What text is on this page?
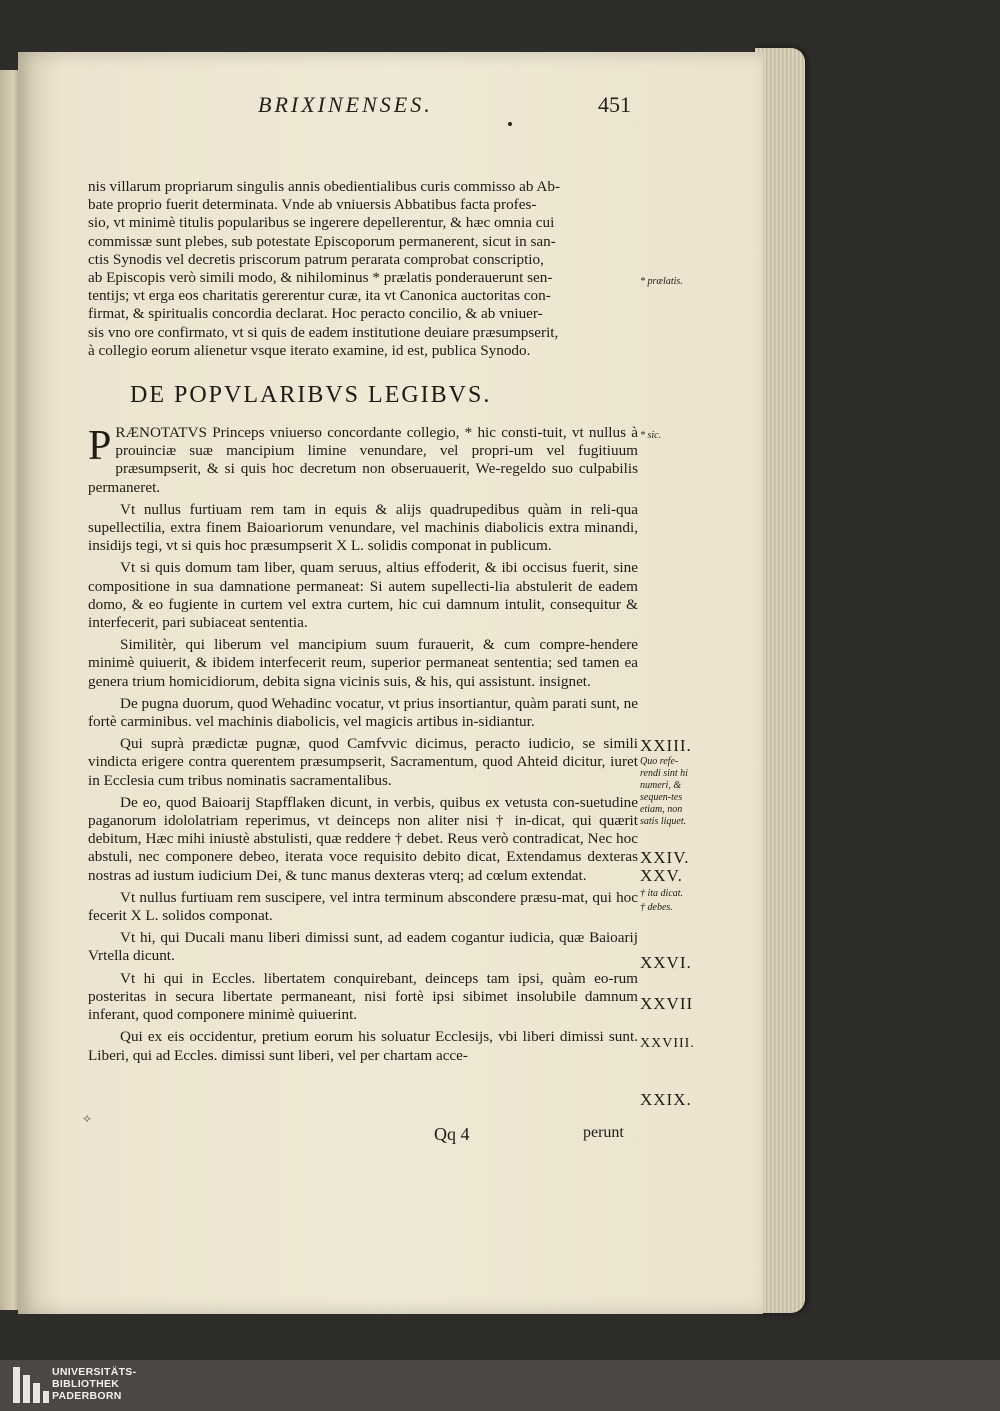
BRIXINENSES.	451

nis villarum propriarum singulis annis obedientialibus curis commisso ab Ab-

bate proprio fuerit determinata. Vnde ab vniuersis Abbatibus facta profes-

sio, vt minimè titulis popularibus se ingerere depellerentur, & hæc omnia cui

commissæ sunt plebes, sub potestate Episcoporum permanerent, sicut in san-

ctis Synodis vel decretis priscorum patrum perarata comprobat conscriptio,

ab Episcopis verò simili modo, & nihilominus * prælatis ponderauerunt sen-

tentijs; vt erga eos charitatis gererentur curæ, ita vt Canonica auctoritas con-

firmat, & spiritualis concordia declarat. Hoc peracto concilio, & ab vniuer-

sis vno ore confirmato, vt si quis de eadem institutione deuiare præsumpserit,

à collegio eorum alienetur vsque iterato examine, id est, publica Synodo.

DE POPVLARIBVS LEGIBVS.

PRÆNOTATVS Princeps vniuerso concordante collegio, * hic consti-tuit, vt nullus à prouinciæ suæ mancipium limine venundare, vel propri-um vel fugitiuum præsumpserit, & si quis hoc decretum non obseruauerit, We-regeldo suo culpabilis permaneret.

Vt nullus furtiuam rem tam in equis & alijs quadrupedibus quàm in reli-qua supellectilia, extra finem Baioariorum venundare, vel machinis diabolicis extra minandi, insidijs tegi, vt si quis hoc præsumpserit X L. solidis componat in publicum.

Vt si quis domum tam liber, quam seruus, altius effoderit, & ibi occisus fuerit, sine compositione in sua damnatione permaneat: Si autem supellecti-lia abstulerit de eadem domo, & eo fugiente in curtem vel extra curtem, hic cui damnum intulit, consequitur & interfecerit, pari subiaceat sententia.

Similitèr, qui liberum vel mancipium suum furauerit, & cum compre-hendere minimè quiuerit, & ibidem interfecerit reum, superior permaneat sententia; sed tamen ea genera trium homicidiorum, debita signa vicinis suis, & his, qui assistunt. insignet.

De pugna duorum, quod Wehadinc vocatur, vt prius insortiantur, quàm parati sunt, ne fortè carminibus. vel machinis diabolicis, vel magicis artibus in-sidiantur.

Qui suprà prædictæ pugnæ, quod Camfvvic dicimus, peracto iudicio, se simili vindicta erigere contra querentem præsumpserit, Sacramentum, quod Ahteid dicitur, iuret in Ecclesia cum tribus nominatis sacramentalibus.

De eo, quod Baioarij Stapfflaken dicunt, in verbis, quibus ex vetusta con-suetudine paganorum idololatriam reperimus, vt deinceps non aliter nisi † in-dicat, qui quærit debitum, Hæc mihi iniustè abstulisti, quæ reddere † debet. Reus verò contradicat, Nec hoc abstuli, nec componere debeo, iterata voce requisito debito dicat, Extendamus dexteras nostras ad iustum iudicium Dei, & tunc manus dexteras vterq; ad cœlum extendat.

Vt nullus furtiuam rem suscipere, vel intra terminum abscondere præsu-mat, qui hoc fecerit X L. solidos componat.

Vt hi, qui Ducali manu liberi dimissi sunt, ad eadem cogantur iudicia, quæ Baioarij Vrtella dicunt.

Vt hi qui in Eccles. libertatem conquirebant, deinceps tam ipsi, quàm eo-rum posteritas in secura libertate permaneant, nisi fortè ipsi sibimet insolubile damnum inferant, quod componere minimè quiuerint.

Qui ex eis occidentur, pretium eorum his soluatur Ecclesijs, vbi liberi dimissi sunt. Liberi, qui ad Eccles. dimissi sunt liberi, vel per chartam acce-

* prælatis.
* sic.
XXIII.
Quo refe-rendi sint hi numeri, & sequen-tes etiam, non satis liquet.
XXIV.
XXV.
† ita dicat.
† debes.
XXVI.
XXVII
XXVIII.
XXIX.
✧
Qq 4	perunt
UNIVERSITÄTS-
BIBLIOTHEK
PADERBORN
